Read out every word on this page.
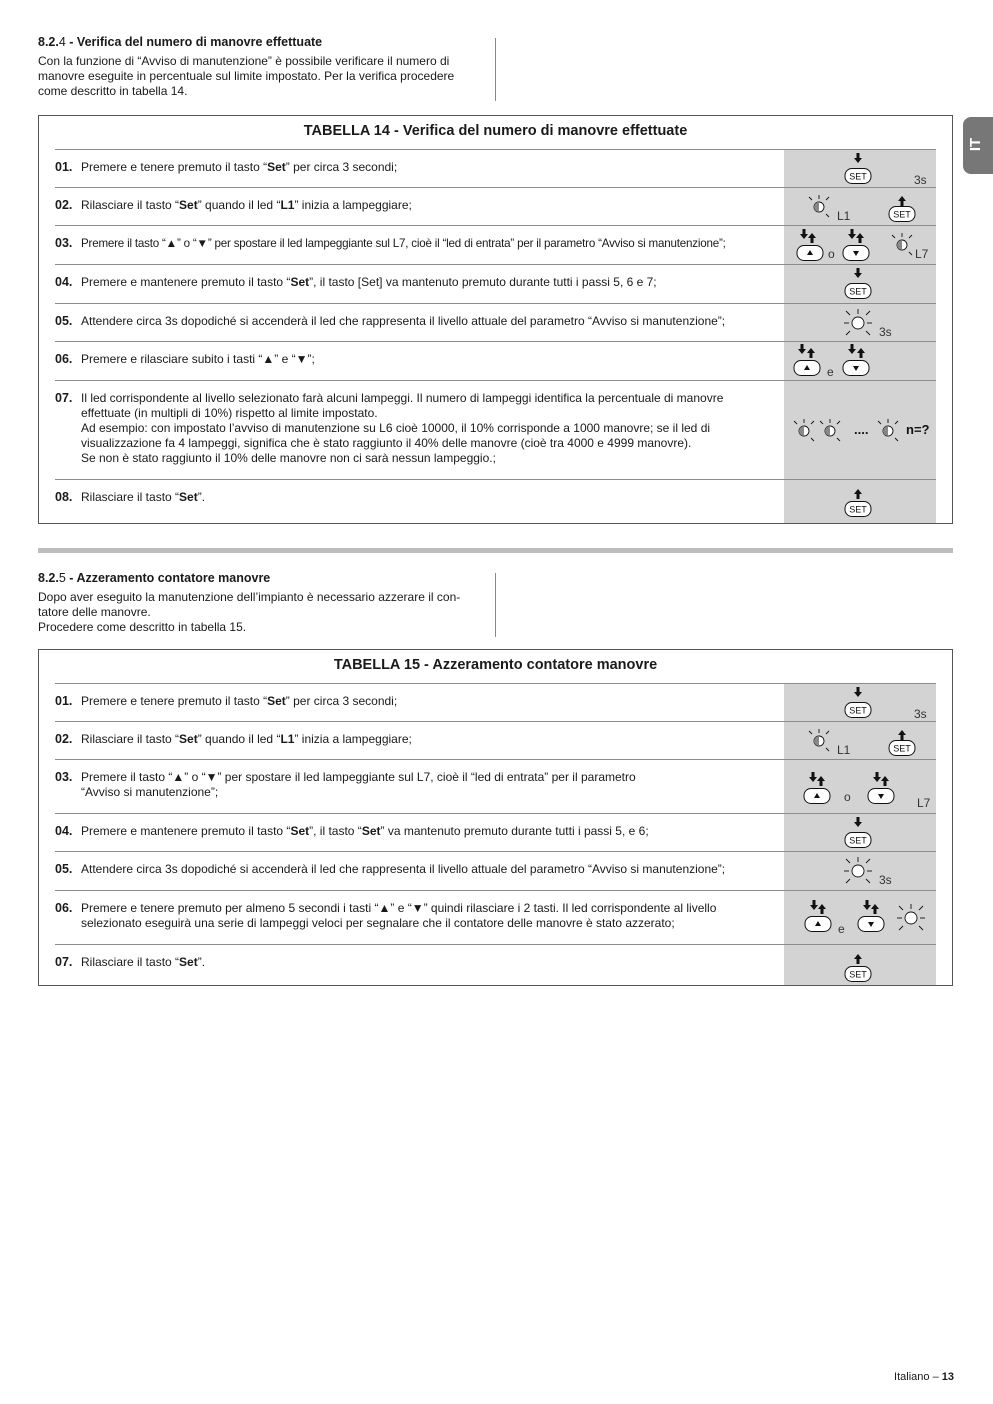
8.2.4 - Verifica del numero di manovre effettuate

Con la funzione di “Avviso di manutenzione” è possibile verificare il numero di
manovre eseguite in percentuale sul limite impostato. Per la verifica procedere
come descritto in tabella 14.

IT
TABELLA 14 - Verifica del numero di manovre effettuate
01. Premere e tenere premuto il tasto “Set” per circa 3 secondi;
02. Rilasciare il tasto “Set” quando il led “L1” inizia a lampeggiare;
03. Premere il tasto “▲” o “▼” per spostare il led lampeggiante sul L7, cioè il “led di entrata” per il parametro “Avviso si manutenzione”;
04. Premere e mantenere premuto il tasto “Set”, il tasto [Set] va mantenuto premuto durante tutti i passi 5, 6 e 7;
05. Attendere circa 3s dopodiché si accenderà il led che rappresenta il livello attuale del parametro “Avviso si manutenzione”;
06. Premere e rilasciare subito i tasti “▲” e “▼”;
07. Il led corrispondente al livello selezionato farà alcuni lampeggi. Il numero di lampeggi identifica la percentuale di manovre
effettuate (in multipli di 10%) rispetto al limite impostato.
Ad esempio: con impostato l’avviso di manutenzione su L6 cioè 10000, il 10% corrisponde a 1000 manovre; se il led di
visualizzazione fa 4 lampeggi, significa che è stato raggiunto il 40% delle manovre (cioè tra 4000 e 4999 manovre).
Se non è stato raggiunto il 10% delle manovre non ci sarà nessun lampeggio.;
08. Rilasciare il tasto “Set”.

8.2.5 - Azzeramento contatore manovre

Dopo aver eseguito la manutenzione dell’impianto è necessario azzerare il con-
tatore delle manovre.
Procedere come descritto in tabella 15.

TABELLA 15 - Azzeramento contatore manovre
01. Premere e tenere premuto il tasto “Set” per circa 3 secondi;
02. Rilasciare il tasto “Set” quando il led “L1” inizia a lampeggiare;
03. Premere il tasto “▲” o “▼” per spostare il led lampeggiante sul L7, cioè il “led di entrata” per il parametro
“Avviso si manutenzione”;
04. Premere e mantenere premuto il tasto “Set”, il tasto “Set” va mantenuto premuto durante tutti i passi 5, e 6;
05. Attendere circa 3s dopodiché si accenderà il led che rappresenta il livello attuale del parametro “Avviso si manutenzione”;
06. Premere e tenere premuto per almeno 5 secondi i tasti “▲” e “▼” quindi rilasciare i 2 tasti. Il led corrispondente al livello
selezionato eseguirà una serie di lampeggi veloci per segnalare che il contatore delle manovre è stato azzerato;
07. Rilasciare il tasto “Set”.
Italiano – 13
